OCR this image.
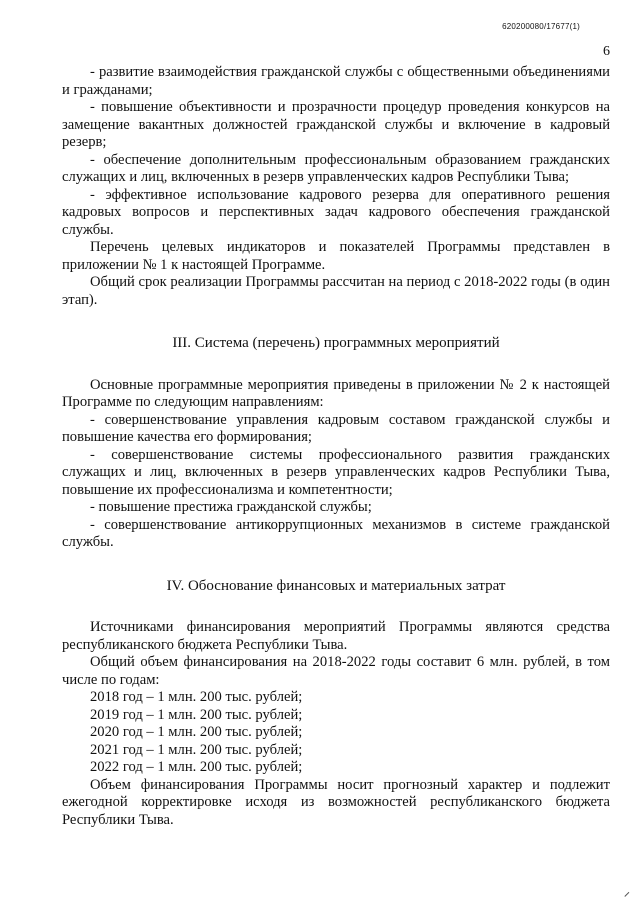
620200080/17677(1)
6

- развитие взаимодействия гражданской службы с общественными объединениями и гражданами;

- повышение объективности и прозрачности процедур проведения конкурсов на замещение вакантных должностей гражданской службы и включение в кадровый резерв;

- обеспечение дополнительным профессиональным образованием гражданских служащих и лиц, включенных в резерв управленческих кадров Республики Тыва;

- эффективное использование кадрового резерва для оперативного решения кадровых вопросов и перспективных задач кадрового обеспечения гражданской службы.

Перечень целевых индикаторов и показателей Программы представлен в приложении № 1 к настоящей Программе.

Общий срок реализации Программы рассчитан на период с 2018-2022 годы (в один этап).

III. Система (перечень) программных мероприятий

Основные программные мероприятия приведены в приложении № 2 к настоящей Программе по следующим направлениям:

- совершенствование управления кадровым составом гражданской службы и повышение качества его формирования;

- совершенствование системы профессионального развития гражданских служащих и лиц, включенных в резерв управленческих кадров Республики Тыва, повышение их профессионализма и компетентности;

- повышение престижа гражданской службы;

- совершенствование антикоррупционных механизмов в системе гражданской службы.

IV. Обоснование финансовых и материальных затрат

Источниками финансирования мероприятий Программы являются средства республиканского бюджета Республики Тыва.

Общий объем финансирования на 2018-2022 годы составит 6 млн. рублей, в том числе по годам:

2018 год – 1 млн. 200 тыс. рублей;

2019 год – 1 млн. 200 тыс. рублей;

2020 год – 1 млн. 200 тыс. рублей;

2021 год – 1 млн. 200 тыс. рублей;

2022 год – 1 млн. 200 тыс. рублей;

Объем финансирования Программы носит прогнозный характер и подлежит ежегодной корректировке исходя из возможностей республиканского бюджета Республики Тыва.
